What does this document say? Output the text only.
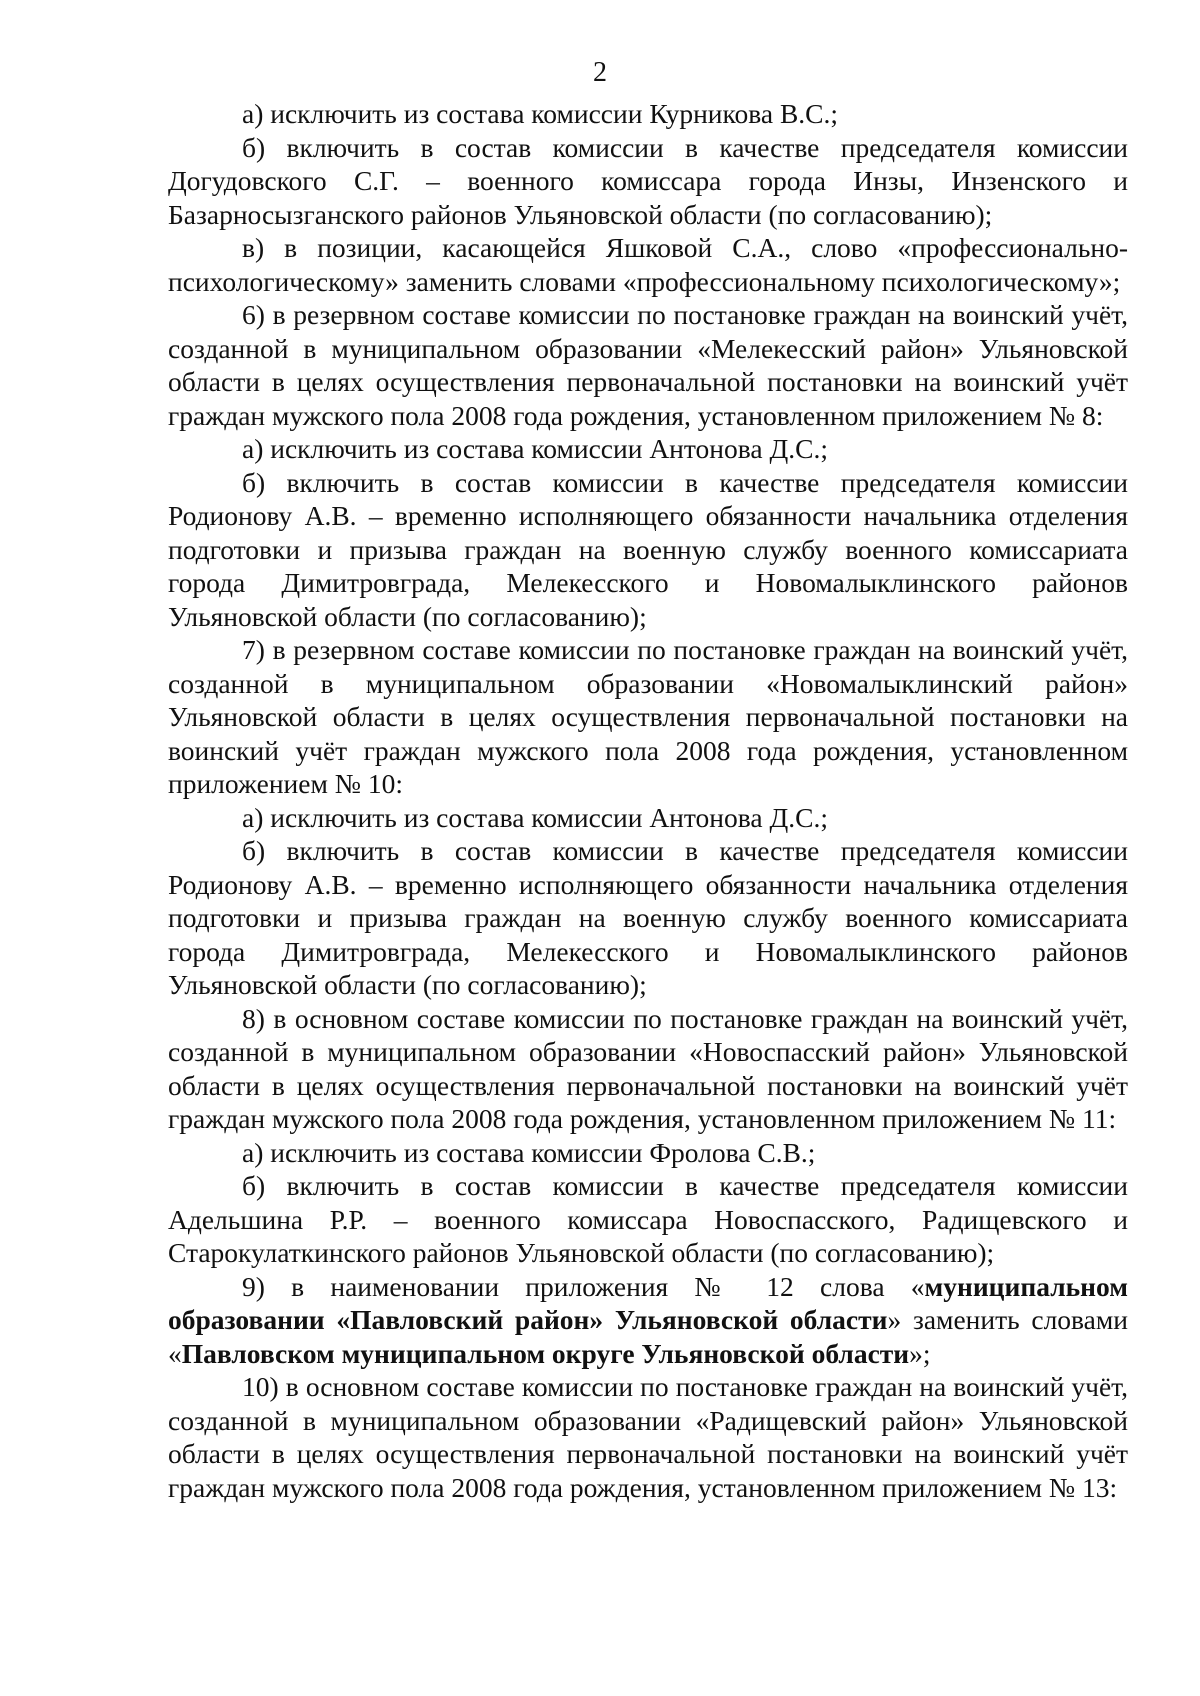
2

а) исключить из состава комиссии Курникова В.С.;

б) включить в состав комиссии в качестве председателя комиссии Догудовского С.Г. – военного комиссара города Инзы, Инзенского и Базарносызганского районов Ульяновской области (по согласованию);

в) в позиции, касающейся Яшковой С.А., слово «профессионально-психологическому» заменить словами «профессиональному психологическому»;

6) в резервном составе комиссии по постановке граждан на воинский учёт, созданной в муниципальном образовании «Мелекесский район» Ульяновской области в целях осуществления первоначальной постановки на воинский учёт граждан мужского пола 2008 года рождения, установленном приложением № 8:

а) исключить из состава комиссии Антонова Д.С.;

б) включить в состав комиссии в качестве председателя комиссии Родионову А.В. – временно исполняющего обязанности начальника отделения подготовки и призыва граждан на военную службу военного комиссариата города Димитровграда, Мелекесского и Новомалыклинского районов Ульяновской области (по согласованию);

7) в резервном составе комиссии по постановке граждан на воинский учёт, созданной в муниципальном образовании «Новомалыклинский район» Ульяновской области в целях осуществления первоначальной постановки на воинский учёт граждан мужского пола 2008 года рождения, установленном приложением № 10:

а) исключить из состава комиссии Антонова Д.С.;

б) включить в состав комиссии в качестве председателя комиссии Родионову А.В. – временно исполняющего обязанности начальника отделения подготовки и призыва граждан на военную службу военного комиссариата города Димитровграда, Мелекесского и Новомалыклинского районов Ульяновской области (по согласованию);

8) в основном составе комиссии по постановке граждан на воинский учёт, созданной в муниципальном образовании «Новоспасский район» Ульяновской области в целях осуществления первоначальной постановки на воинский учёт граждан мужского пола 2008 года рождения, установленном приложением № 11:

а) исключить из состава комиссии Фролова С.В.;

б) включить в состав комиссии в качестве председателя комиссии Адельшина Р.Р. – военного комиссара Новоспасского, Радищевского и Старокулаткинского районов Ульяновской области (по согласованию);

9) в наименовании приложения № 12 слова «муниципальном образовании «Павловский район» Ульяновской области» заменить словами «Павловском муниципальном округе Ульяновской области»;

10) в основном составе комиссии по постановке граждан на воинский учёт, созданной в муниципальном образовании «Радищевский район» Ульяновской области в целях осуществления первоначальной постановки на воинский учёт граждан мужского пола 2008 года рождения, установленном приложением № 13:
